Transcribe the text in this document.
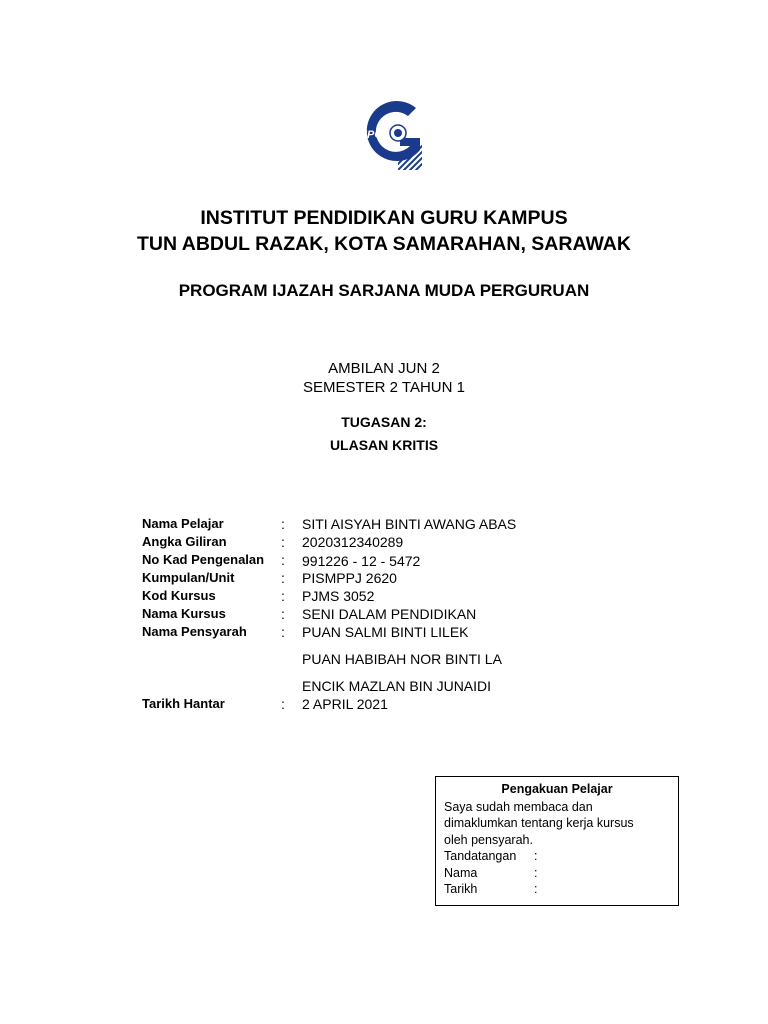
IPG
INSTITUT PENDIDIKAN GURU KAMPUS
TUN ABDUL RAZAK, KOTA SAMARAHAN, SARAWAK
PROGRAM IJAZAH SARJANA MUDA PERGURUAN
AMBILAN JUN 2
SEMESTER 2 TAHUN 1
TUGASAN 2:
ULASAN KRITIS
Nama Pelajar	: SITI AISYAH BINTI AWANG ABAS
Angka Giliran	: 2020312340289
No Kad Pengenalan : 991226 - 12 - 5472
Kumpulan/Unit	: PISMPPJ 2620
Kod Kursus	: PJMS 3052
Nama Kursus	: SENI DALAM PENDIDIKAN
Nama Pensyarah : PUAN SALMI BINTI LILEK
PUAN HABIBAH NOR BINTI LA
ENCIK MAZLAN BIN JUNAIDI
Tarikh Hantar	: 2 APRIL 2021
Pengakuan Pelajar
Saya sudah membaca dan
dimaklumkan tentang kerja kursus
oleh pensyarah.
Tandatangan :
Nama	:
Tarikh	:
